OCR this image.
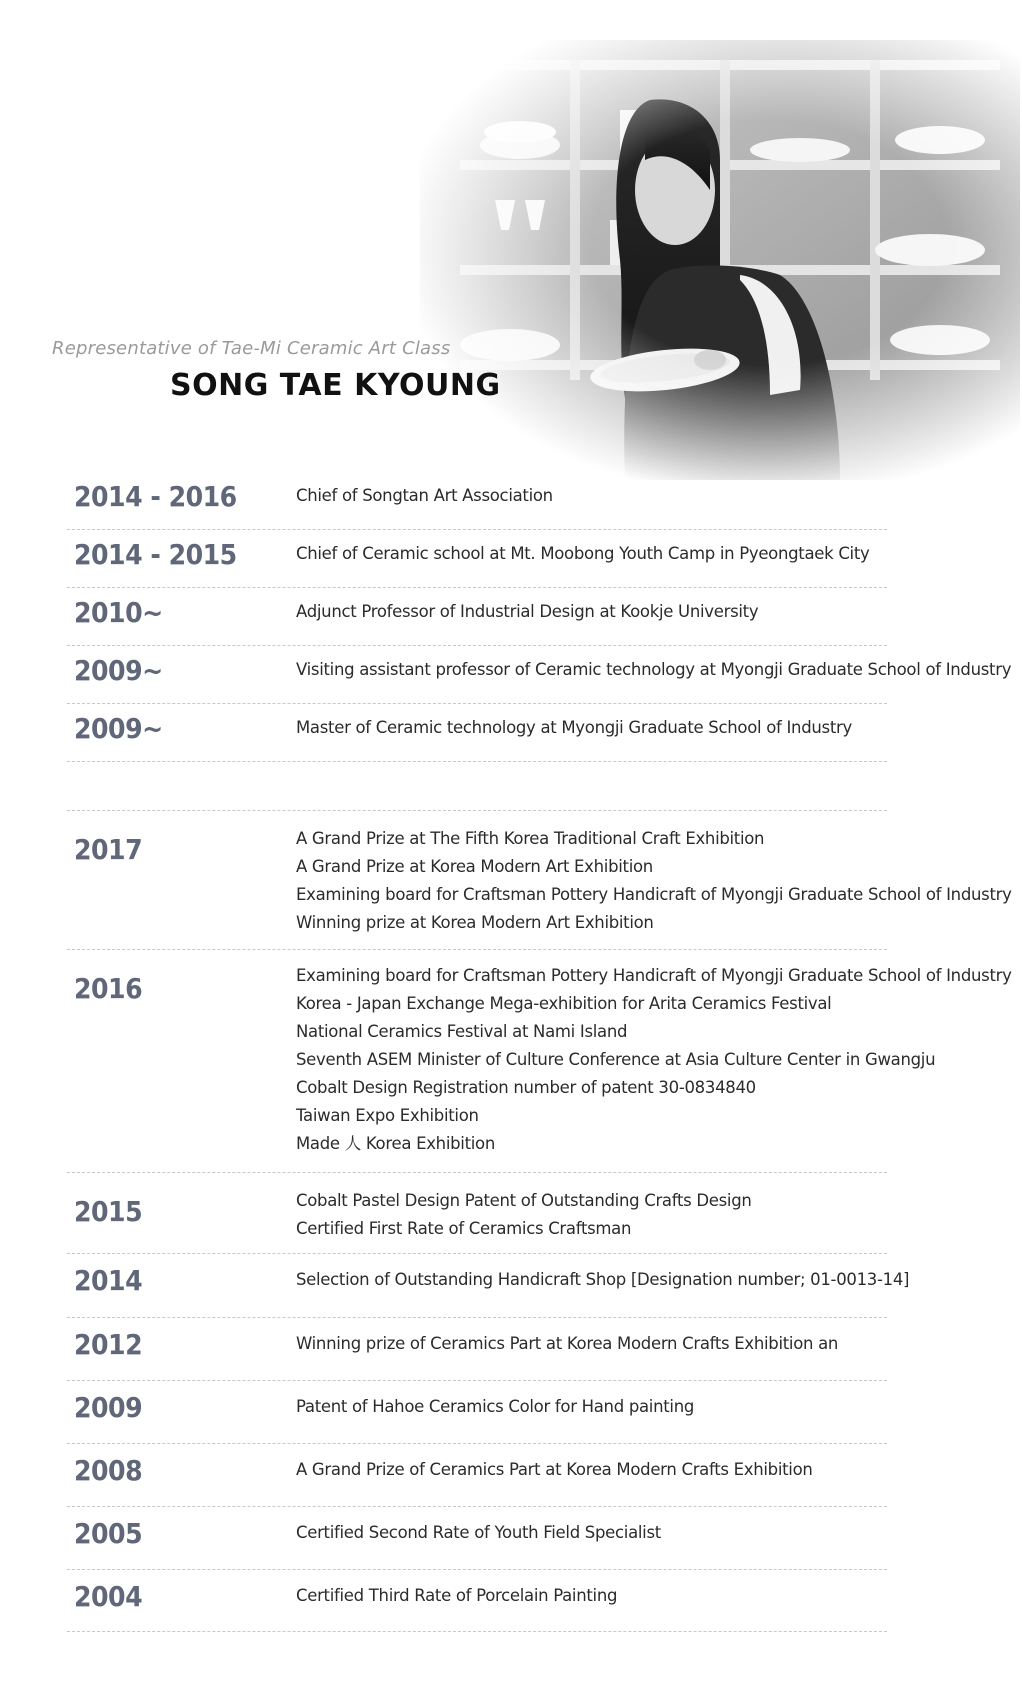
Representative of Tae-Mi Ceramic Art Class
SONG TAE KYOUNG
2014 - 2016	Chief of Songtan Art Association
2014 - 2015	Chief of Ceramic school at Mt. Moobong Youth Camp in Pyeongtaek City
2010~	Adjunct Professor of Industrial Design at Kookje University
2009~	Visiting assistant professor of Ceramic technology at Myongji Graduate School of Industry
2009~	Master of Ceramic technology at Myongji Graduate School of Industry
2017	A Grand Prize at The Fifth Korea Traditional Craft Exhibition
A Grand Prize at Korea Modern Art Exhibition
Examining board for Craftsman Pottery Handicraft of Myongji Graduate School of Industry
Winning prize at Korea Modern Art Exhibition
2016	Examining board for Craftsman Pottery Handicraft of Myongji Graduate School of Industry
Korea - Japan Exchange Mega-exhibition for Arita Ceramics Festival
National Ceramics Festival at Nami Island
Seventh ASEM Minister of Culture Conference at Asia Culture Center in Gwangju
Cobalt Design Registration number of patent 30-0834840
Taiwan Expo Exhibition
Made 人 Korea Exhibition
2015	Cobalt Pastel Design Patent of Outstanding Crafts Design
Certified First Rate of Ceramics Craftsman
2014	Selection of Outstanding Handicraft Shop [Designation number; 01-0013-14]
2012	Winning prize of Ceramics Part at Korea Modern Crafts Exhibition an
2009	Patent of Hahoe Ceramics Color for Hand painting
2008	A Grand Prize of Ceramics Part at Korea Modern Crafts Exhibition
2005	Certified Second Rate of Youth Field Specialist
2004	Certified Third Rate of Porcelain Painting
